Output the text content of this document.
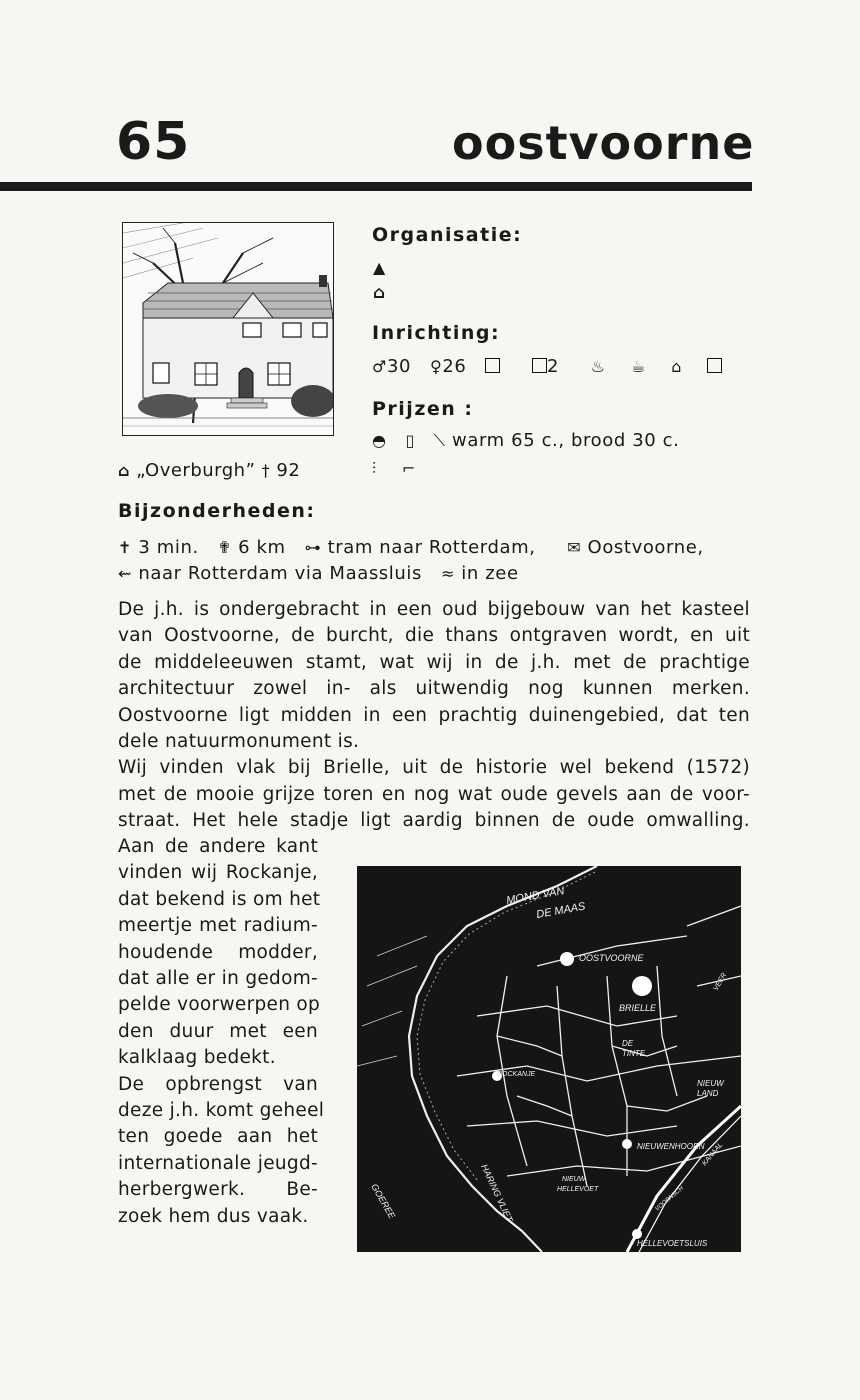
65	oostvoorne
⌂ „Overburgh” † 92
Organisatie:
▲
⌂
Inrichting:
♂30 ♀26	2 ♨ ☕ ⌂
Prijzen :
◓ ▯ ⟍ warm 65 c., brood 30 c.
⫶ ⌐
Bijzonderheden:
✝ 3 min. ✟ 6 km ⊶ tram naar Rotterdam, ✉ Oostvoorne,
⇜ naar Rotterdam via Maassluis ≈ in zee
De j.h. is ondergebracht in een oud bijgebouw van het kasteel
van Oostvoorne, de burcht, die thans ontgraven wordt, en uit
de middeleeuwen stamt, wat wij in de j.h. met de prachtige
architectuur zowel in- als uitwendig nog kunnen merken.
Oostvoorne ligt midden in een prachtig duinengebied, dat ten
dele natuurmonument is.
Wij vinden vlak bij Brielle, uit de historie wel bekend (1572)
met de mooie grijze toren en nog wat oude gevels aan de voor-
straat. Het hele stadje ligt aardig binnen de oude omwalling.
Aan de andere kant
vinden wij Rockanje,
dat bekend is om het
meertje met radium-
houdende modder,
dat alle er in gedom-
pelde voorwerpen op
den duur met een
kalklaag bedekt.
De opbrengst van
deze j.h. komt geheel
ten goede aan het
internationale jeugd-
herbergwerk. Be-
zoek hem dus vaak.
MOND VAN
DE MAAS
OOSTVOORNE
BRIELLE
DE
TINTE
ROCKANJE
NIEUW
LAND
NIEUWENHOORN
NIEUW
HELLEVOET
GOEREE	HARING VLIET
HELLEVOETSLUIS
KANAAL
VOORNSCH
VEER
